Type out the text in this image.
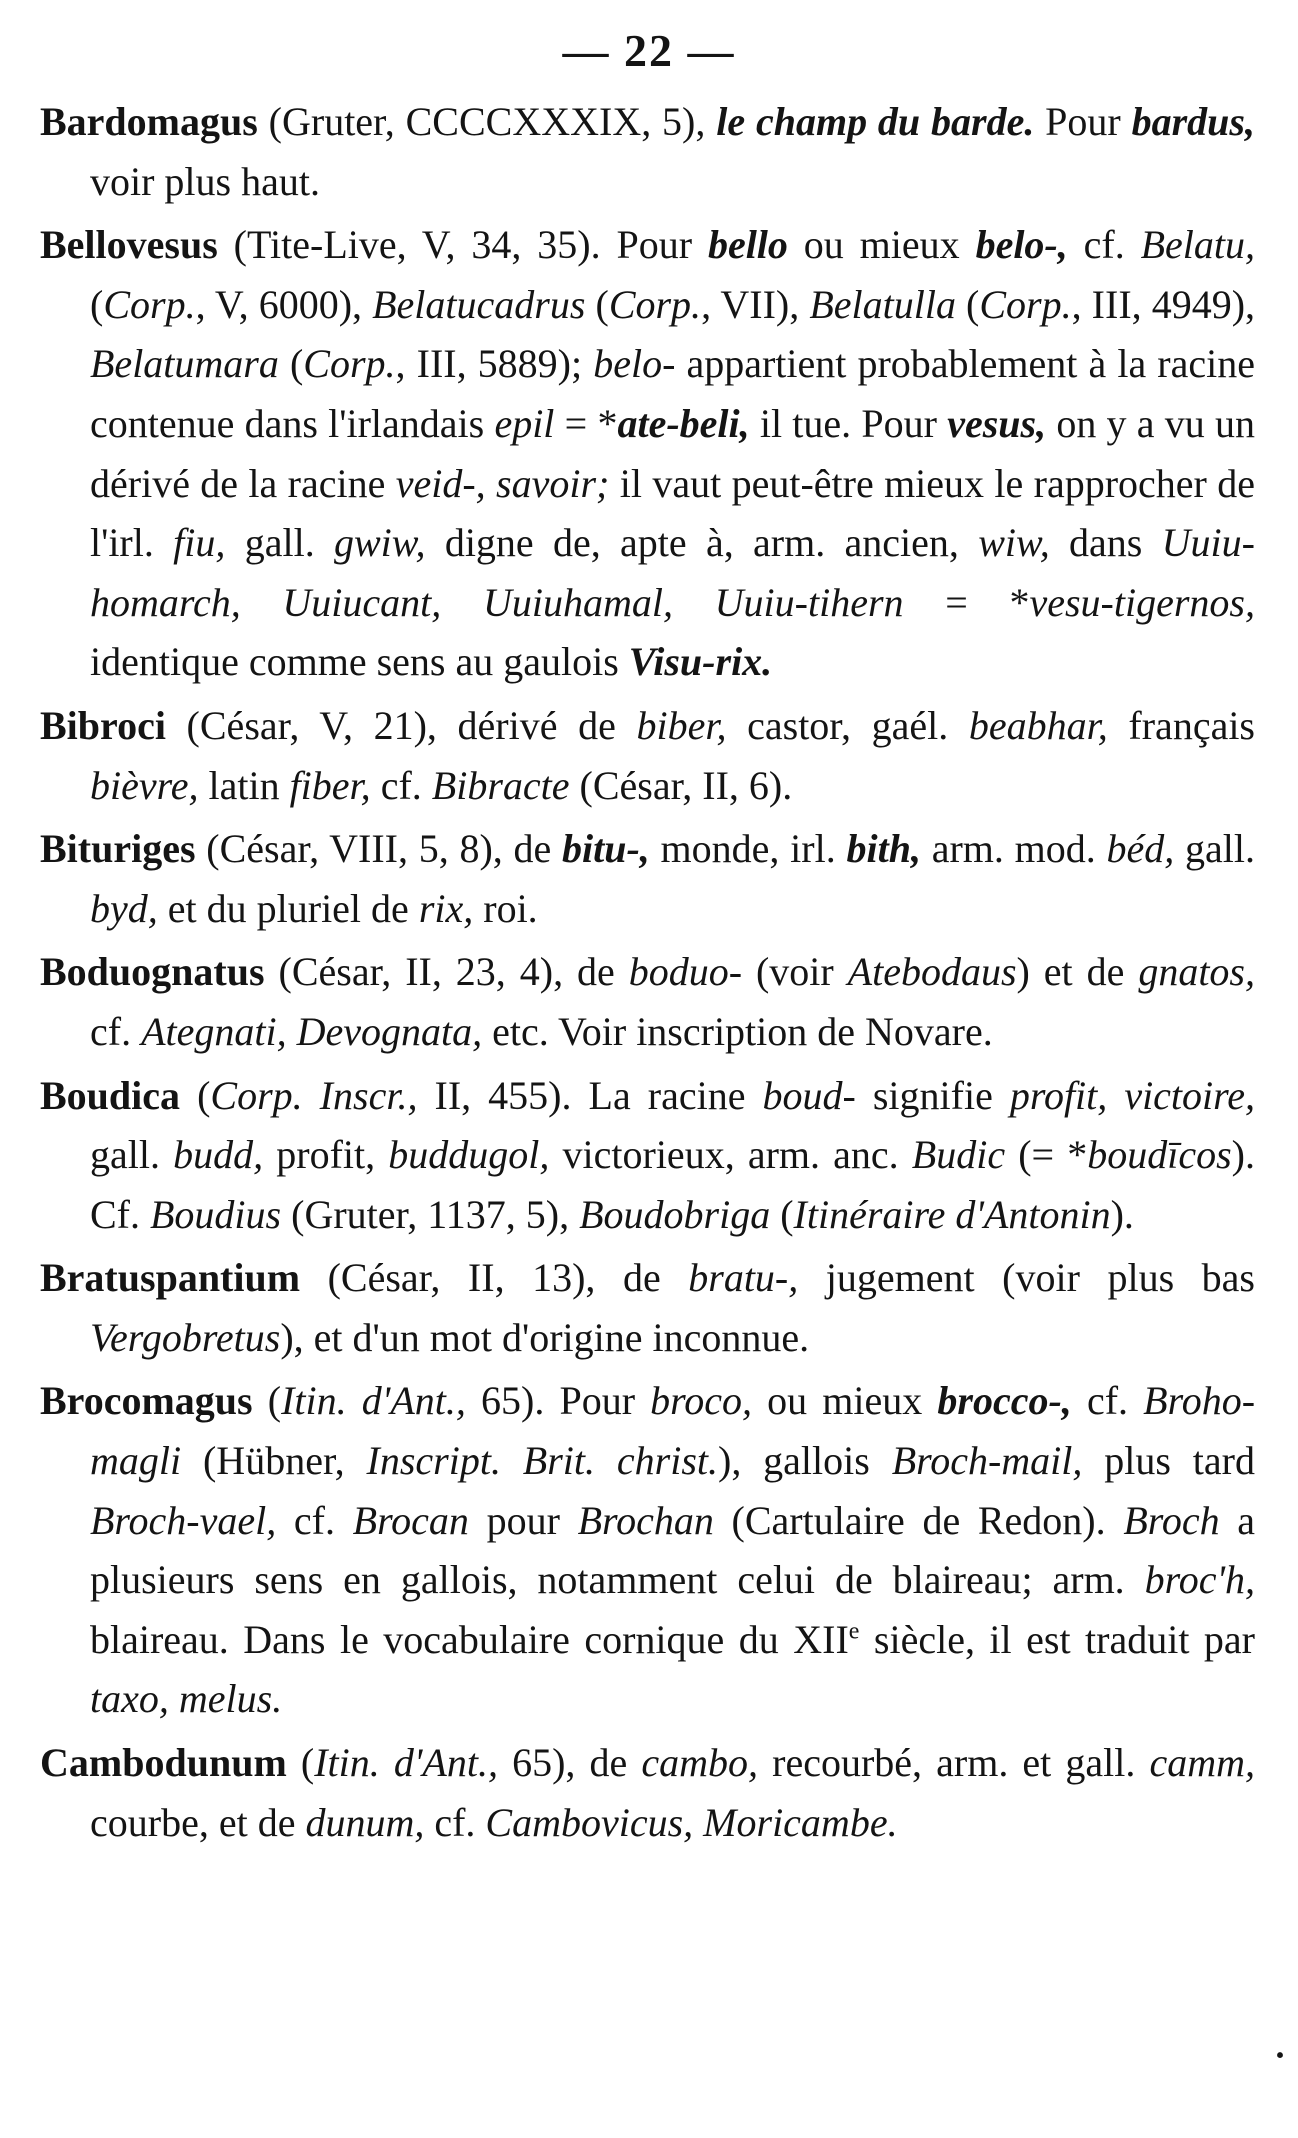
— 22 —

Bardomagus (Gruter, CCCCXXXIX, 5), le champ du barde. Pour bardus, voir plus haut.

Bellovesus (Tite-Live, V, 34, 35). Pour bello ou mieux belo-, cf. Belatu, (Corp., V, 6000), Belatucadrus (Corp., VII), Belatulla (Corp., III, 4949), Belatumara (Corp., III, 5889); belo- appartient probablement à la racine contenue dans l'irlandais epil = *ate-beli, il tue. Pour vesus, on y a vu un dérivé de la racine veid-, savoir; il vaut peut-être mieux le rapprocher de l'irl. fiu, gall. gwiw, digne de, apte à, arm. ancien, wiw, dans Uuiu-homarch, Uuiucant, Uuiuhamal, Uuiu-tihern = *vesu-tigernos, identique comme sens au gaulois Visu-rix.

Bibroci (César, V, 21), dérivé de biber, castor, gaél. beabhar, français bièvre, latin fiber, cf. Bibracte (César, II, 6).

Bituriges (César, VIII, 5, 8), de bitu-, monde, irl. bith, arm. mod. béd, gall. byd, et du pluriel de rix, roi.

Boduognatus (César, II, 23, 4), de boduo- (voir Atebodaus) et de gnatos, cf. Ategnati, Devognata, etc. Voir inscription de Novare.

Boudica (Corp. Inscr., II, 455). La racine boud- signifie profit, victoire, gall. budd, profit, buddugol, victorieux, arm. anc. Budic (= *boudīcos). Cf. Boudius (Gruter, 1137, 5), Boudobriga (Itinéraire d'Antonin).

Bratuspantium (César, II, 13), de bratu-, jugement (voir plus bas Vergobretus), et d'un mot d'origine inconnue.

Brocomagus (Itin. d'Ant., 65). Pour broco, ou mieux brocco-, cf. Broho-magli (Hübner, Inscript. Brit. christ.), gallois Broch-mail, plus tard Broch-vael, cf. Brocan pour Brochan (Cartulaire de Redon). Broch a plusieurs sens en gallois, notamment celui de blaireau; arm. broc'h, blaireau. Dans le vocabulaire cornique du XIIe siècle, il est traduit par taxo, melus.

Cambodunum (Itin. d'Ant., 65), de cambo, recourbé, arm. et gall. camm, courbe, et de dunum, cf. Cambovicus, Moricambe.

·
